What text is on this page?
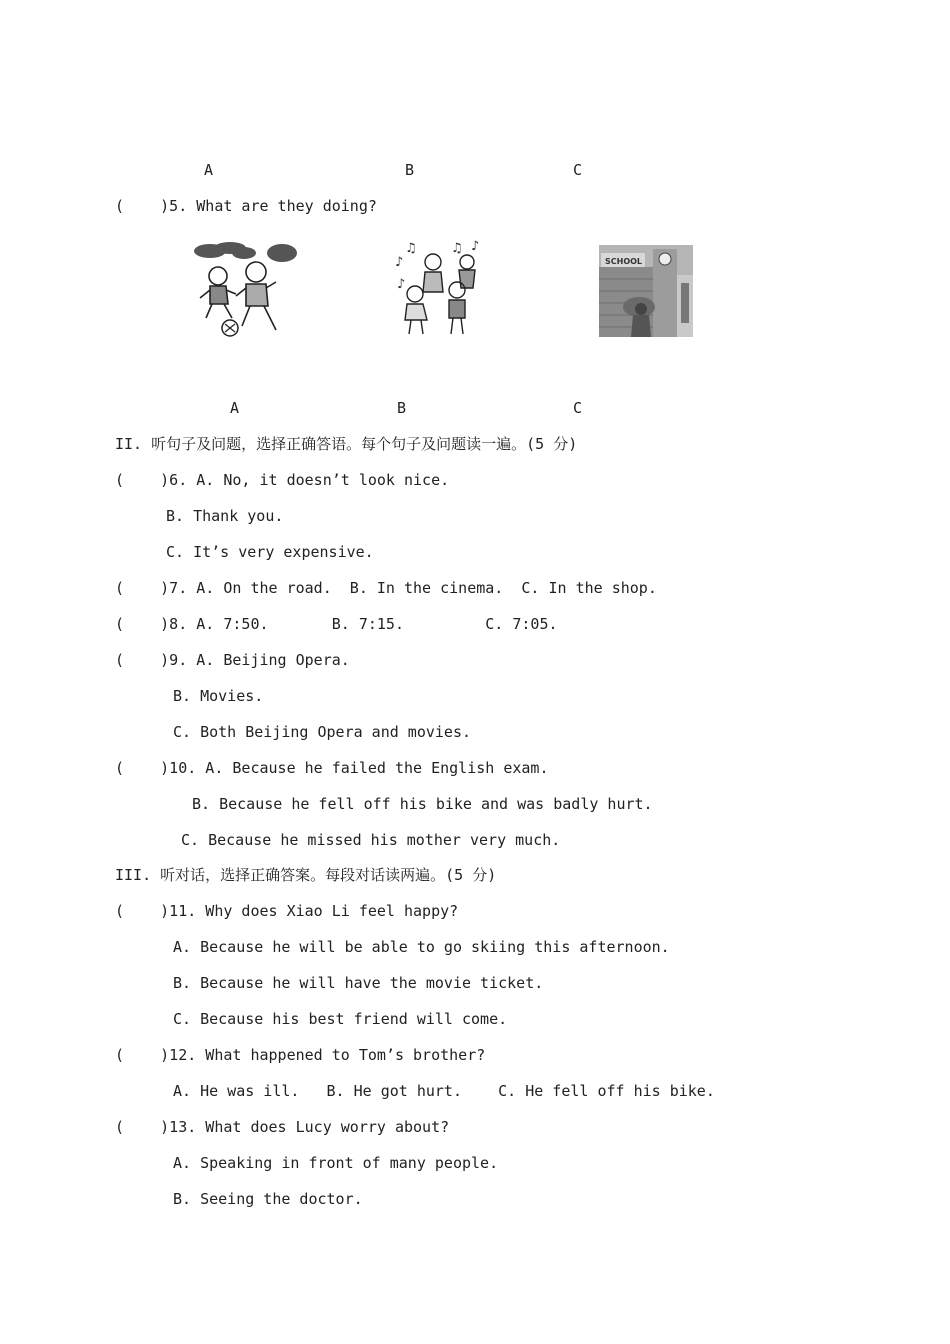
A	B	C
(    )5. What are they doing?
♪
♫	♫ ♪
♪
SCHOOL
A	B	C
II. 听句子及问题，选择正确答语。每个句子及问题读一遍。(5 分)
(    )6. A. No, it doesn’t look nice.
B. Thank you.
C. It’s very expensive.
(    )7. A. On the road.  B. In the cinema.  C. In the shop.
(    )8. A. 7:50.       B. 7:15.         C. 7:05.
(    )9. A. Beijing Opera.
B. Movies.
C. Both Beijing Opera and movies.
(    )10. A. Because he failed the English exam.
B. Because he fell off his bike and was badly hurt.
C. Because he missed his mother very much.
III. 听对话，选择正确答案。每段对话读两遍。(5 分)
(    )11. Why does Xiao Li feel happy?
A. Because he will be able to go skiing this afternoon.
B. Because he will have the movie ticket.
C. Because his best friend will come.
(    )12. What happened to Tom’s brother?
A. He was ill.   B. He got hurt.    C. He fell off his bike.
(    )13. What does Lucy worry about?
A. Speaking in front of many people.
B. Seeing the doctor.
